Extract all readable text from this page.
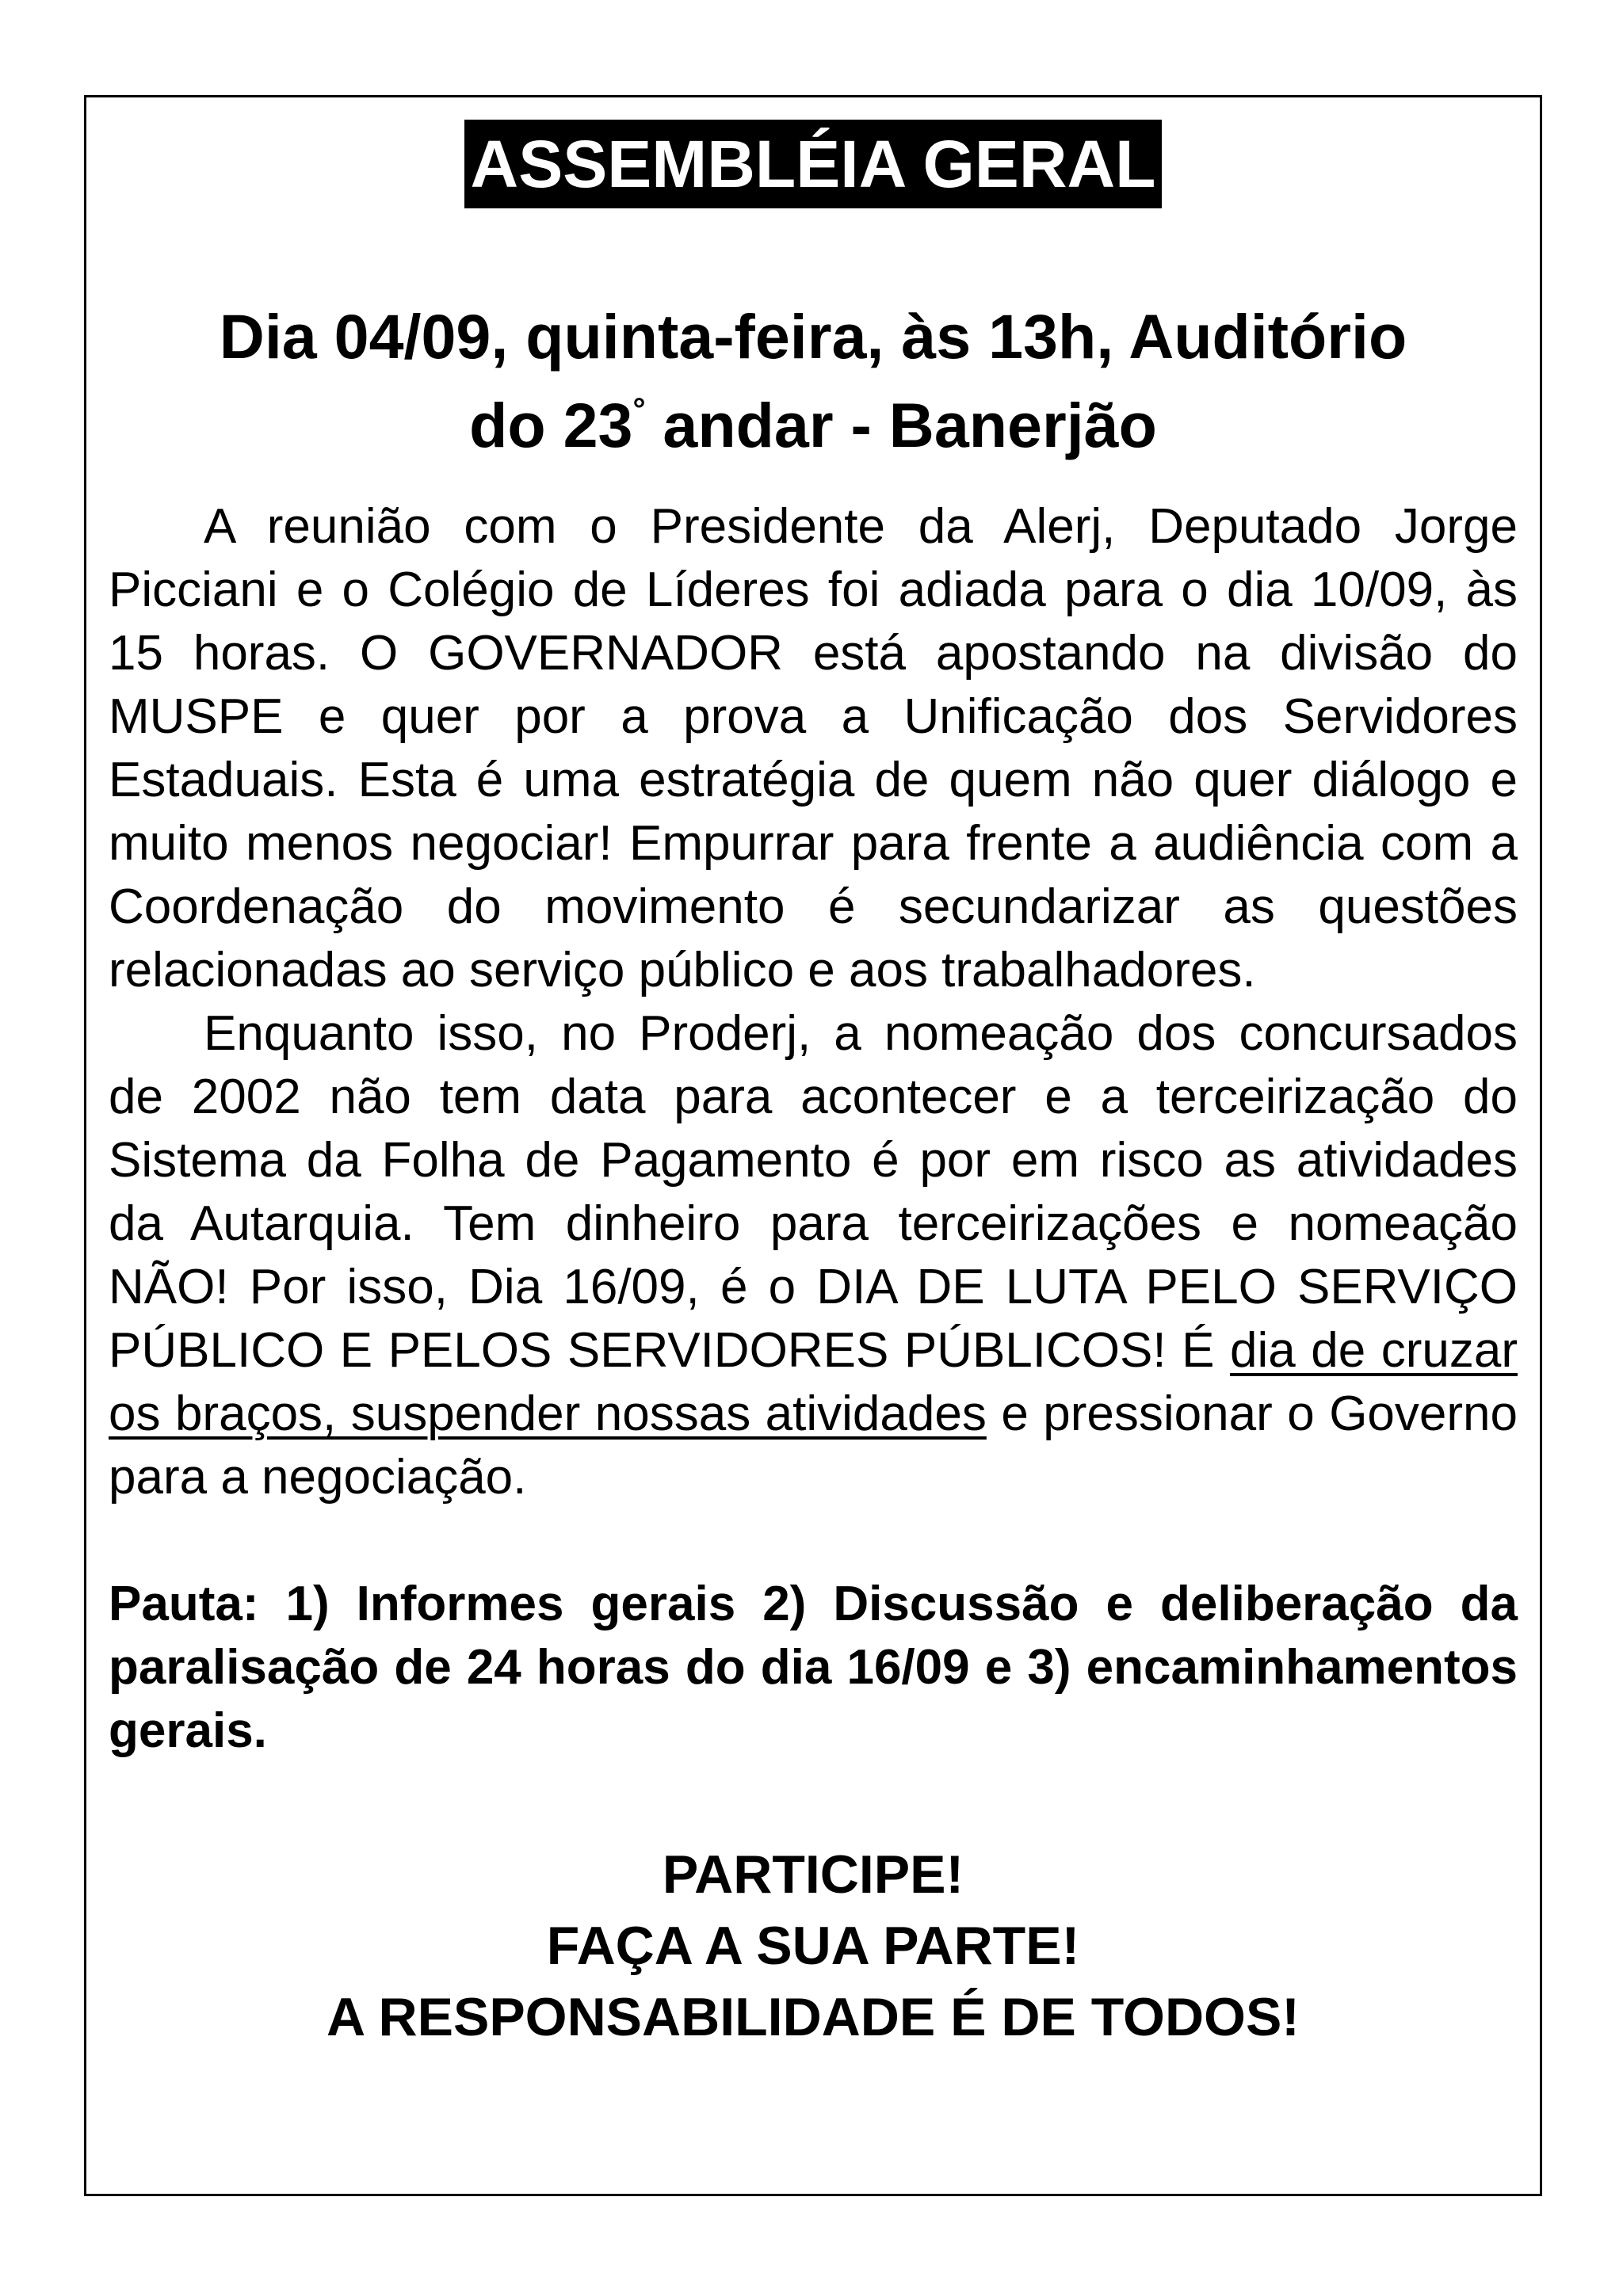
ASSEMBLÉIA GERAL
Dia 04/09, quinta-feira, às 13h, Auditório
do 23° andar - Banerjão

A reunião com o Presidente da Alerj, Deputado Jorge Picciani e o Colégio de Líderes foi adiada para o dia 10/09, às 15 horas. O GOVERNADOR está apostando na divisão do MUSPE e quer por a prova a Unificação dos Servidores Estaduais. Esta é uma estratégia de quem não quer diálogo e muito menos negociar! Empurrar para frente a audiência com a Coordenação do movimento é secundarizar as questões relacionadas ao serviço público e aos trabalhadores.

Enquanto isso, no Proderj, a nomeação dos concursados de 2002 não tem data para acontecer e a terceirização do Sistema da Folha de Pagamento é por em risco as atividades da Autarquia. Tem dinheiro para terceirizações e nomeação NÃO! Por isso, Dia 16/09, é o DIA DE LUTA PELO SERVIÇO PÚBLICO E PELOS SERVIDORES PÚBLICOS! É dia de cruzar os braços, suspender nossas atividades e pressionar o Governo para a negociação.

Pauta: 1) Informes gerais 2) Discussão e deliberação da paralisação de 24 horas do dia 16/09 e 3) encaminhamentos gerais.
PARTICIPE!
FAÇA A SUA PARTE!
A RESPONSABILIDADE É DE TODOS!
